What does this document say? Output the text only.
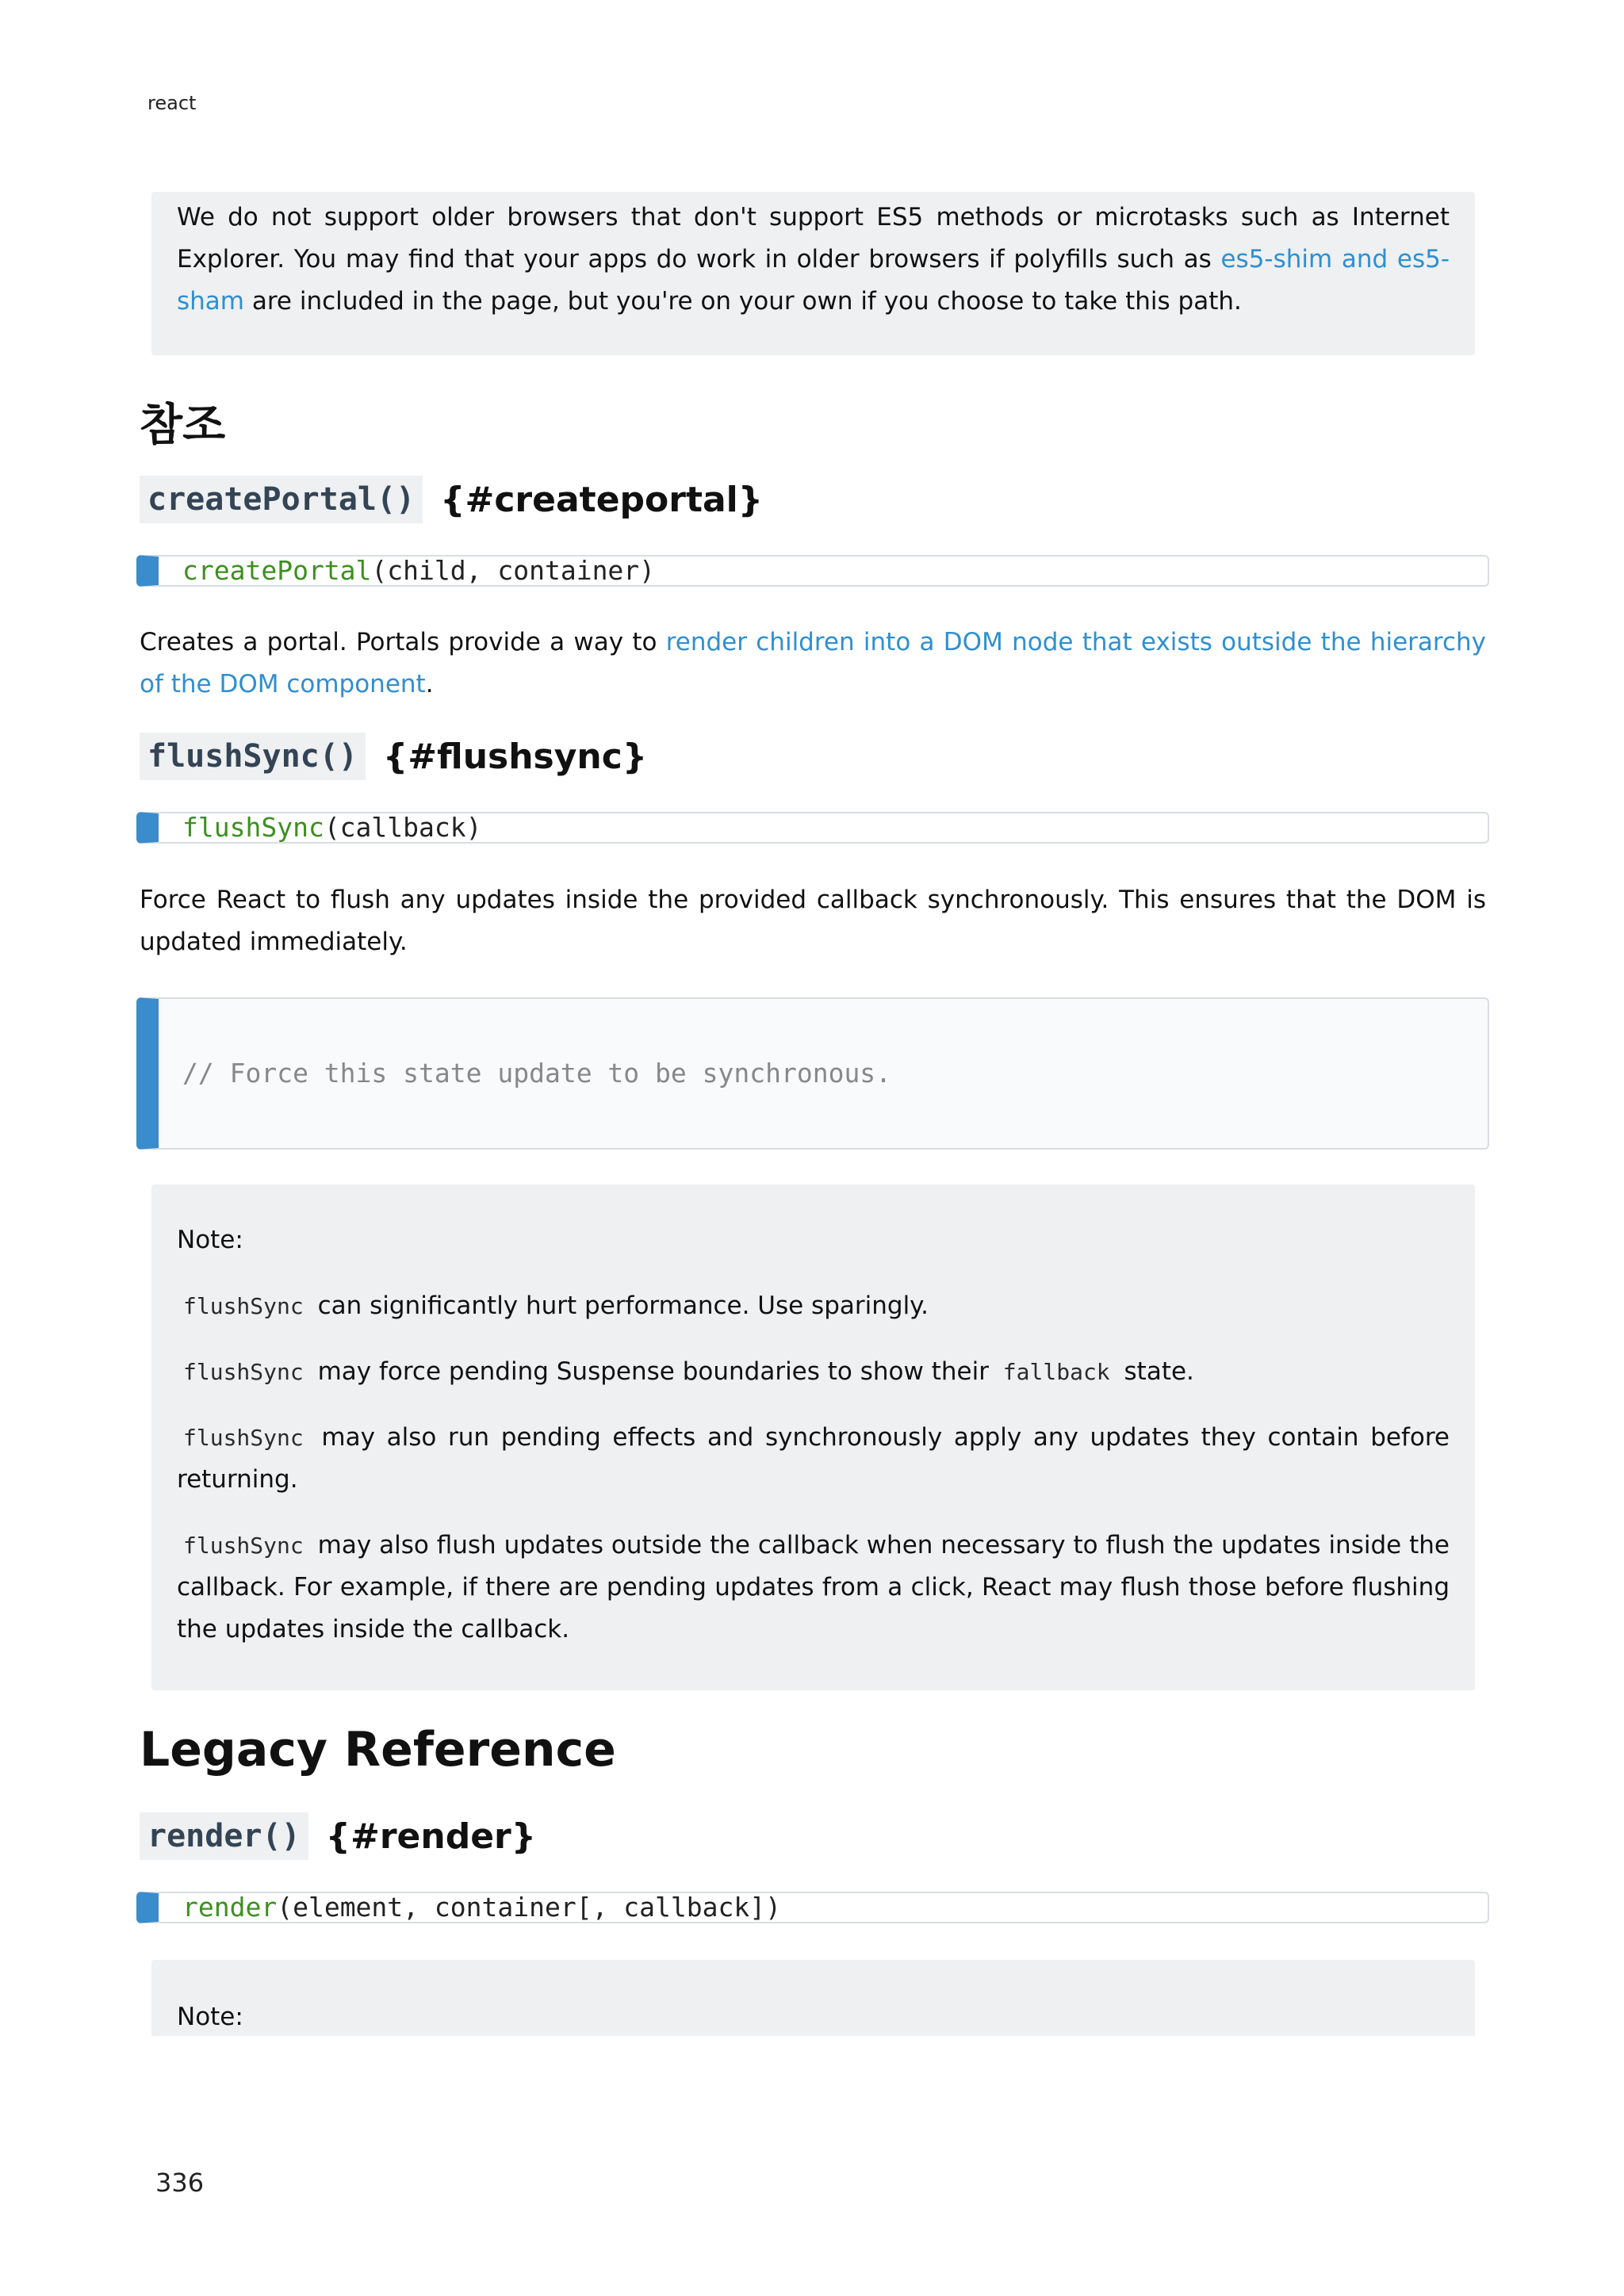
react

We do not support older browsers that don't support ES5 methods or microtasks such as Internet Explorer. You may find that your apps do work in older browsers if polyfills such as es5-shim and es5-sham are included in the page, but you're on your own if you choose to take this path.

참조
createPortal() {#createportal}
createPortal(child, container)

Creates a portal. Portals provide a way to render children into a DOM node that exists outside the hierarchy of the DOM component.

flushSync() {#flushsync}
flushSync(callback)

Force React to flush any updates inside the provided callback synchronously. This ensures that the DOM is updated immediately.

// Force this state update to be synchronous.

Note:

flushSync can significantly hurt performance. Use sparingly.

flushSync may force pending Suspense boundaries to show their fallback state.

flushSync may also run pending effects and synchronously apply any updates they contain before returning.

flushSync may also flush updates outside the callback when necessary to flush the updates inside the callback. For example, if there are pending updates from a click, React may flush those before flushing the updates inside the callback.

Legacy Reference
render() {#render}
render(element, container[, callback])

Note:

336
